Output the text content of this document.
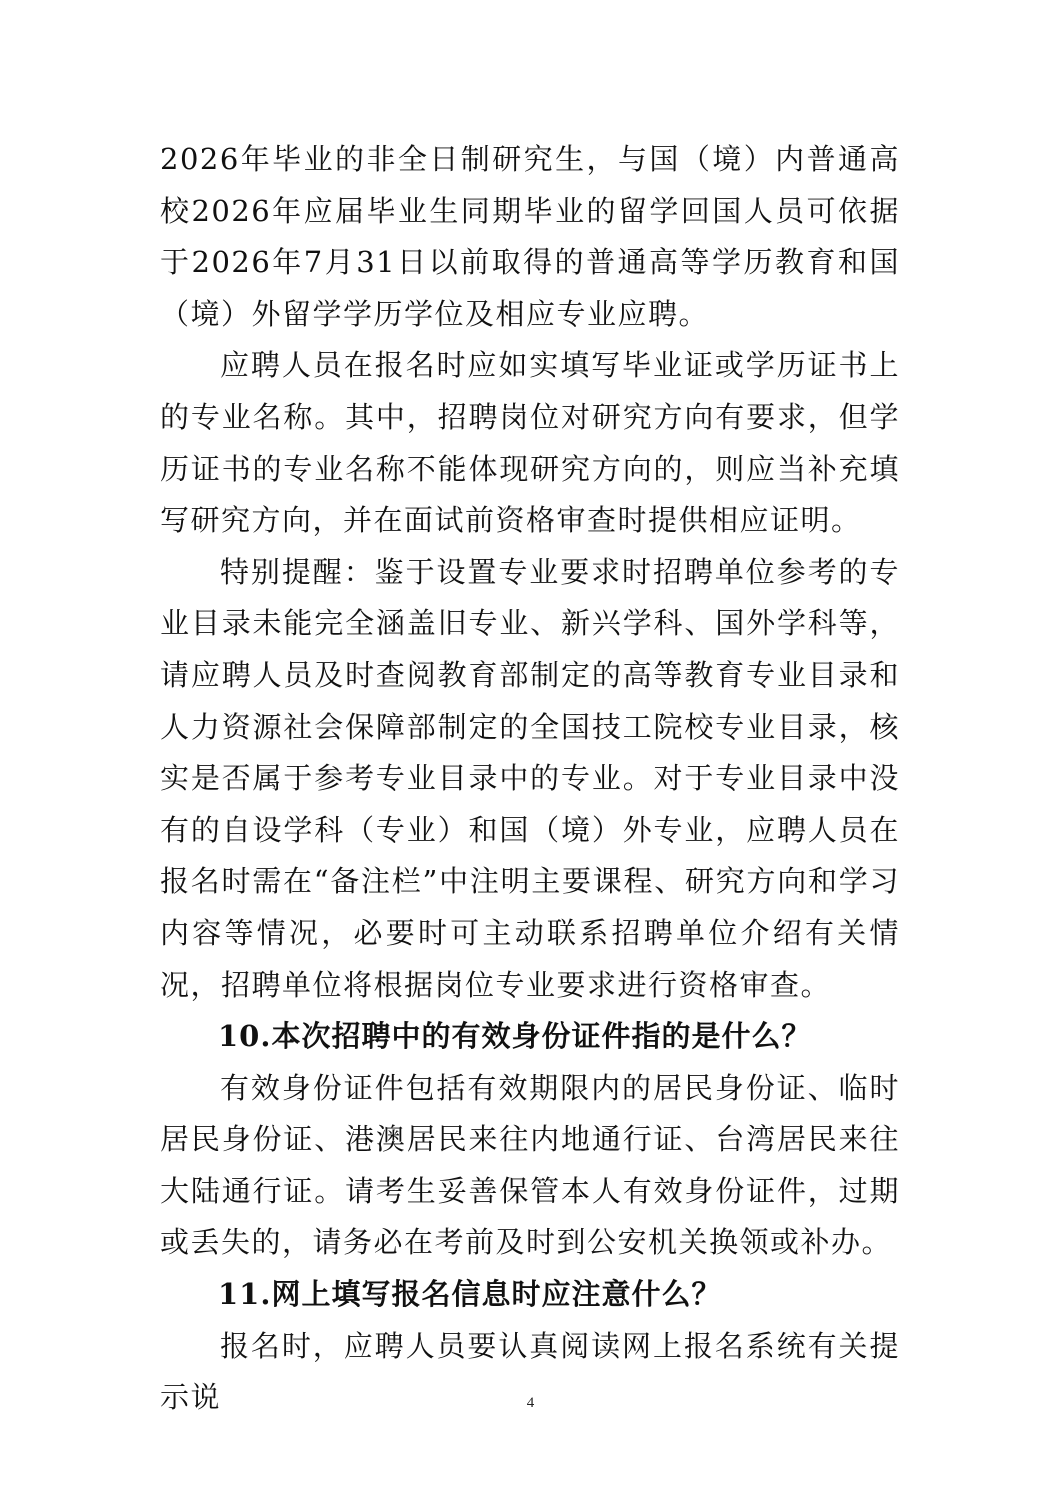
2026年毕业的非全日制研究生，与国（境）内普通高校2026年应届毕业生同期毕业的留学回国人员可依据于2026年7月31日以前取得的普通高等学历教育和国（境）外留学学历学位及相应专业应聘。

应聘人员在报名时应如实填写毕业证或学历证书上的专业名称。其中，招聘岗位对研究方向有要求，但学历证书的专业名称不能体现研究方向的，则应当补充填写研究方向，并在面试前资格审查时提供相应证明。

特别提醒：鉴于设置专业要求时招聘单位参考的专业目录未能完全涵盖旧专业、新兴学科、国外学科等，请应聘人员及时查阅教育部制定的高等教育专业目录和人力资源社会保障部制定的全国技工院校专业目录，核实是否属于参考专业目录中的专业。对于专业目录中没有的自设学科（专业）和国（境）外专业，应聘人员在报名时需在“备注栏”中注明主要课程、研究方向和学习内容等情况，必要时可主动联系招聘单位介绍有关情况，招聘单位将根据岗位专业要求进行资格审查。

10.本次招聘中的有效身份证件指的是什么？

有效身份证件包括有效期限内的居民身份证、临时居民身份证、港澳居民来往内地通行证、台湾居民来往大陆通行证。请考生妥善保管本人有效身份证件，过期或丢失的，请务必在考前及时到公安机关换领或补办。

11.网上填写报名信息时应注意什么？

报名时，应聘人员要认真阅读网上报名系统有关提示说	4
